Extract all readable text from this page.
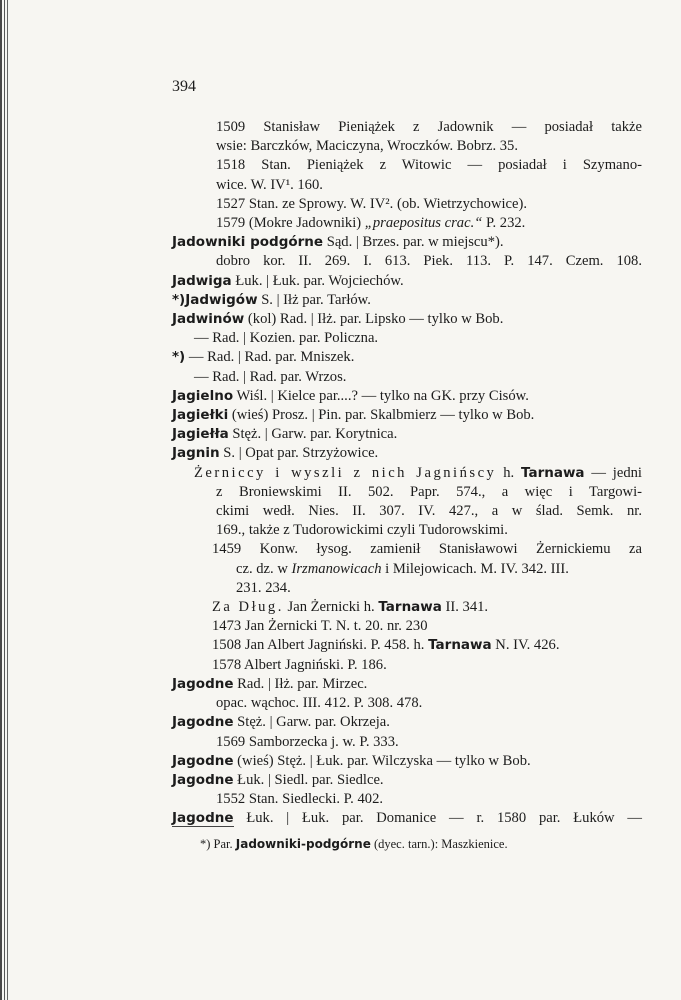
394
1509 Stanisław Pieniążek z Jadownik — posiadał także
wsie: Barczków, Maciczyna, Wroczków. Bobrz. 35.
1518 Stan. Pieniążek z Witowic — posiadał i Szymano-
wice. W. IV¹. 160.
1527 Stan. ze Sprowy. W. IV². (ob. Wietrzychowice).
1579 (Mokre Jadowniki) „praepositus crac.“ P. 232.
Jadowniki podgórne Sąd. | Brzes. par. w miejscu*).
dobro kor. II. 269. I. 613. Piek. 113. P. 147. Czem. 108.
Jadwiga Łuk. | Łuk. par. Wojciechów.
*)Jadwigów S. | Iłż par. Tarłów.
Jadwinów (kol) Rad. | Iłż. par. Lipsko — tylko w Bob.
— Rad. | Kozien. par. Policzna.
*) — Rad. | Rad. par. Mniszek.
— Rad. | Rad. par. Wrzos.
Jagielno Wiśl. | Kielce par....? — tylko na GK. przy Cisów.
Jagiełki (wieś) Prosz. | Pin. par. Skalbmierz — tylko w Bob.
Jagiełła Stęż. | Garw. par. Korytnica.
Jagnin S. | Opat par. Strzyżowice.
Żerniccy i wyszli z nich Jagnińscy h. Tarnawa — jedni
z Broniewskimi II. 502. Papr. 574., a więc i Targowi-
ckimi wedł. Nies. II. 307. IV. 427., a w ślad. Semk. nr.
169., także z Tudorowickimi czyli Tudorowskimi.
1459 Konw. łysog. zamienił Stanisławowi Żernickiemu za
cz. dz. w Irzmanowicach i Milejowicach. M. IV. 342. III.
231. 234.
Za Dług. Jan Żernicki h. Tarnawa II. 341.
1473 Jan Żernicki T. N. t. 20. nr. 230
1508 Jan Albert Jagniński. P. 458. h. Tarnawa N. IV. 426.
1578 Albert Jagniński. P. 186.
Jagodne Rad. | Iłż. par. Mirzec.
opac. wąchoc. III. 412. P. 308. 478.
Jagodne Stęż. | Garw. par. Okrzeja.
1569 Samborzecka j. w. P. 333.
Jagodne (wieś) Stęż. | Łuk. par. Wilczyska — tylko w Bob.
Jagodne Łuk. | Siedl. par. Siedlce.
1552 Stan. Siedlecki. P. 402.
Jagodne Łuk. | Łuk. par. Domanice — r. 1580 par. Łuków —
*) Par. Jadowniki-podgórne (dyec. tarn.): Maszkienice.
